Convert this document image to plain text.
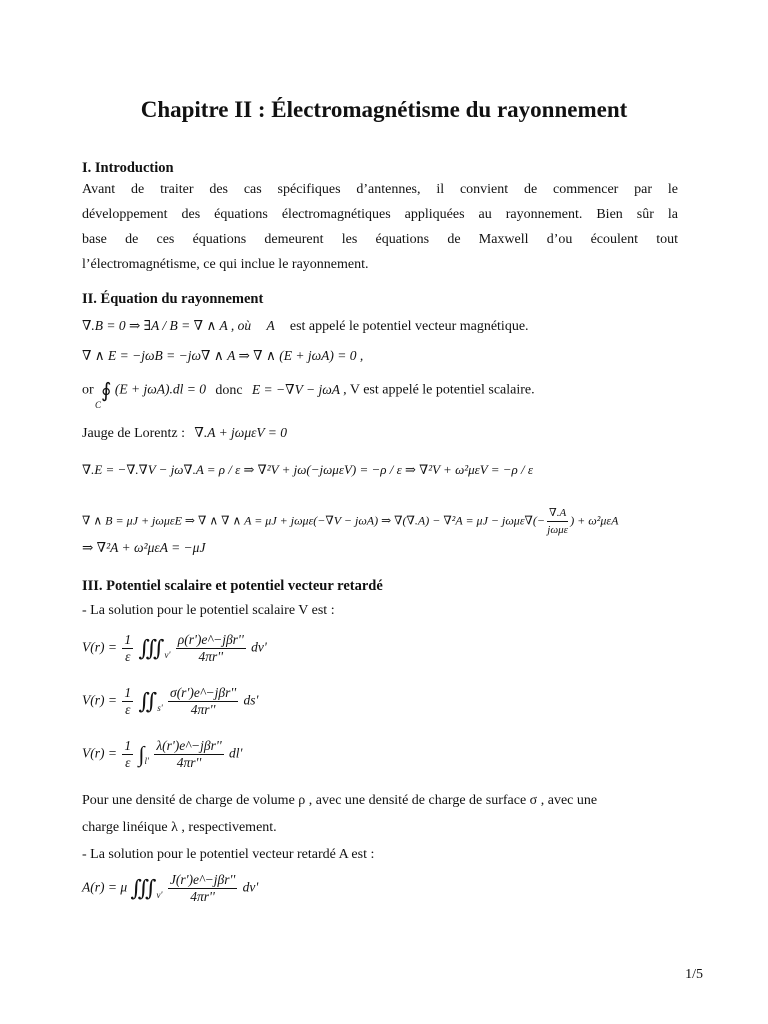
Chapitre II : Électromagnétisme du rayonnement
I. Introduction
Avant de traiter des cas spécifiques d’antennes, il convient de commencer par le
développement des équations électromagnétiques appliquées au rayonnement. Bien sûr la
base de ces équations demeurent les équations de Maxwell d’ou écoulent tout
l’électromagnétisme, ce qui inclue le rayonnement.
II. Équation du rayonnement
∇.B = 0 ⇒ ∃A / B = ∇ ∧ A , où A est appelé le potentiel vecteur magnétique.
∇ ∧ E = −jωB = −jω∇ ∧ A ⇒ ∇ ∧ (E + jωA) = 0 ,
or ∮ (E + jωA).dl = 0 donc E = −∇V − jωA , V est appelé le potentiel scalaire.
C
Jauge de Lorentz : ∇.A + jωμεV = 0
∇.E = −∇.∇V − jω∇.A = ρ / ε ⇒ ∇²V + jω(−jωμεV) = −ρ / ε ⇒ ∇²V + ω²μεV = −ρ / ε
∇ ∧ B = μJ + jωμεE ⇒ ∇ ∧ ∇ ∧ A = μJ + jωμε(−∇V − jωA) ⇒ $\nabla(\nabla.A) - \nabla^2A = \mu J - j\omega\mu\varepsilon\nabla(- \frac{\nabla.A}{\text{jωμε}}$ ) + ω²μεA
⇒ ∇²A + ω²μεA = −μJ
III. Potentiel scalaire et potentiel vecteur retardé
- La solution pour le potentiel scalaire V est :
$V(r) = \frac{1}{\varepsilon}$ $∭_{v'} \frac{\text{ρ(r')e\textasciicircum{}−jβr''}}{4\pi r''} dv'$
$V(r) = \frac{1}{\varepsilon}$ $∬_{s'} \frac{\text{σ(r')e\textasciicircum{}−jβr''}}{4\pi r''} ds'$
$V(r) = \frac{1}{\varepsilon} \int_{l'} \frac{\text{λ(r')e\textasciicircum{}−jβr''}}{4\pi r''} dl'$
Pour une densité de charge de volume ρ , avec une densité de charge de surface σ , avec une
charge linéique λ , respectivement.
- La solution pour le potentiel vecteur retardé A est :
A(r) = μ $∭_{v'} \frac{\text{J(r')e\textasciicircum{}−jβr''}}{4\pi r''} dv'$
1/5
